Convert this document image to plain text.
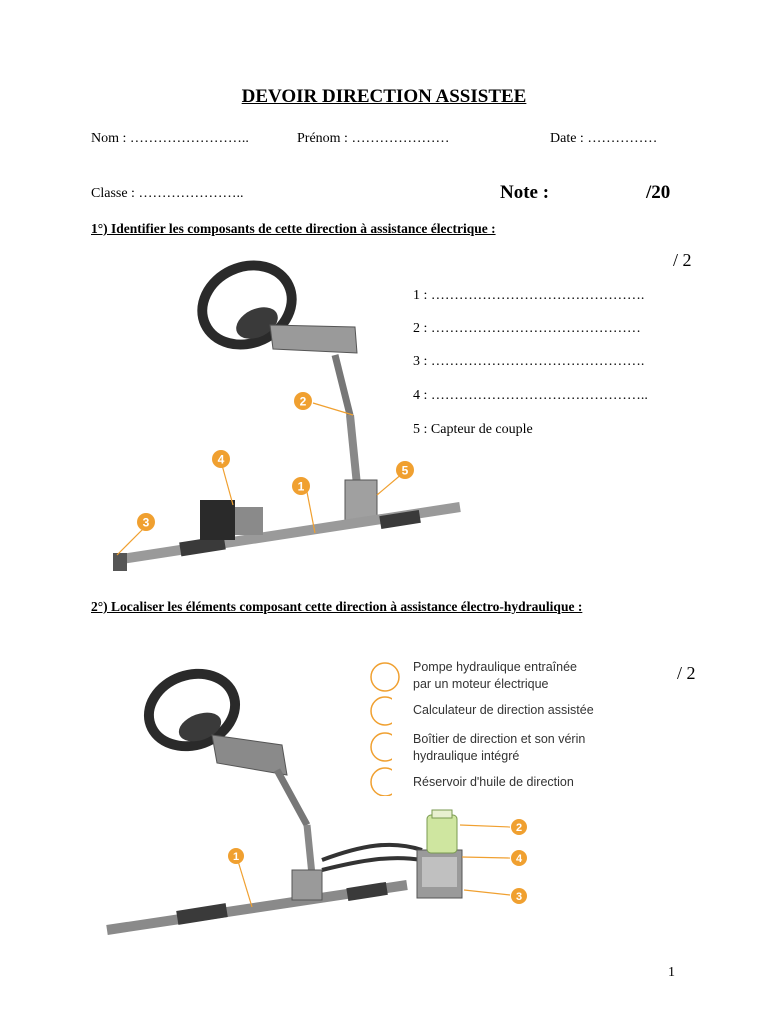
DEVOIR DIRECTION ASSISTEE
Nom : ……………………..	Prénom : …………………	Date : ……………
Classe : …………………..	Note :	/20
1°) Identifier les composants de cette direction à assistance électrique :
/ 2
1
2
3
4
5
1 : ……………………………………….
2 : ………………………………………
3 : ……………………………………….
4 : ………………………………………..
5 : Capteur de couple
2°) Localiser les éléments composant cette direction à assistance électro-hydraulique :
/ 2
Pompe hydraulique entraînée
par un moteur électrique
Calculateur de direction assistée
Boîtier de direction et son vérin
hydraulique intégré
Réservoir d'huile de direction
1
2
4
3
1
